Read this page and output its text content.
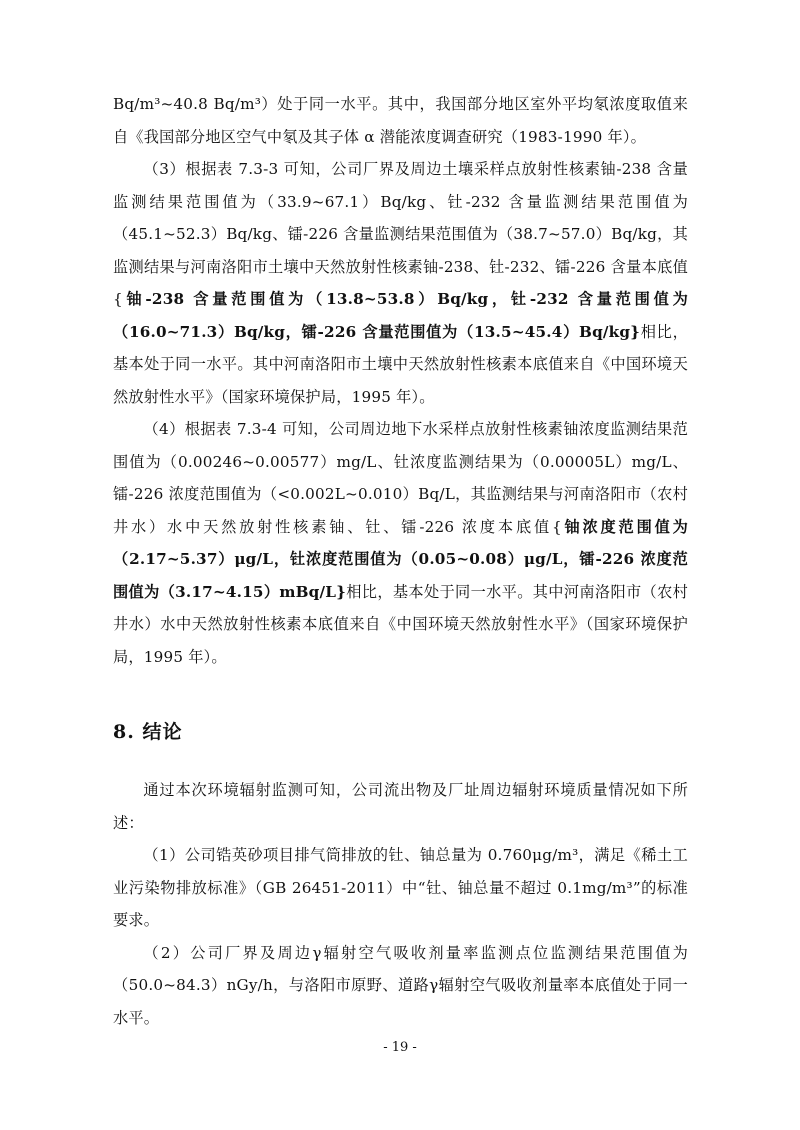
Bq/m³~40.8 Bq/m³）处于同一水平。其中，我国部分地区室外平均氡浓度取值来自《我国部分地区空气中氡及其子体 α 潜能浓度调查研究（1983-1990 年）。

（3）根据表 7.3-3 可知，公司厂界及周边土壤采样点放射性核素铀-238 含量监测结果范围值为（33.9~67.1）Bq/kg、钍-232 含量监测结果范围值为（45.1~52.3）Bq/kg、镭-226 含量监测结果范围值为（38.7~57.0）Bq/kg，其监测结果与河南洛阳市土壤中天然放射性核素铀-238、钍-232、镭-226 含量本底值{铀-238 含量范围值为（13.8~53.8）Bq/kg，钍-232 含量范围值为（16.0~71.3）Bq/kg，镭-226 含量范围值为（13.5~45.4）Bq/kg}相比，基本处于同一水平。其中河南洛阳市土壤中天然放射性核素本底值来自《中国环境天然放射性水平》（国家环境保护局，1995 年）。

（4）根据表 7.3-4 可知，公司周边地下水采样点放射性核素铀浓度监测结果范围值为（0.00246~0.00577）mg/L、钍浓度监测结果为（0.00005L）mg/L、镭-226 浓度范围值为（<0.002L~0.010）Bq/L，其监测结果与河南洛阳市（农村井水）水中天然放射性核素铀、钍、镭-226 浓度本底值{铀浓度范围值为（2.17~5.37）μg/L，钍浓度范围值为（0.05~0.08）μg/L，镭-226 浓度范围值为（3.17~4.15）mBq/L}相比，基本处于同一水平。其中河南洛阳市（农村井水）水中天然放射性核素本底值来自《中国环境天然放射性水平》（国家环境保护局，1995 年）。

8. 结论

通过本次环境辐射监测可知，公司流出物及厂址周边辐射环境质量情况如下所述：

（1）公司锆英砂项目排气筒排放的钍、铀总量为 0.760μg/m³，满足《稀土工业污染物排放标准》（GB 26451-2011）中“钍、铀总量不超过 0.1mg/m³”的标准要求。

（2）公司厂界及周边γ辐射空气吸收剂量率监测点位监测结果范围值为（50.0~84.3）nGy/h，与洛阳市原野、道路γ辐射空气吸收剂量率本底值处于同一水平。

- 19 -
